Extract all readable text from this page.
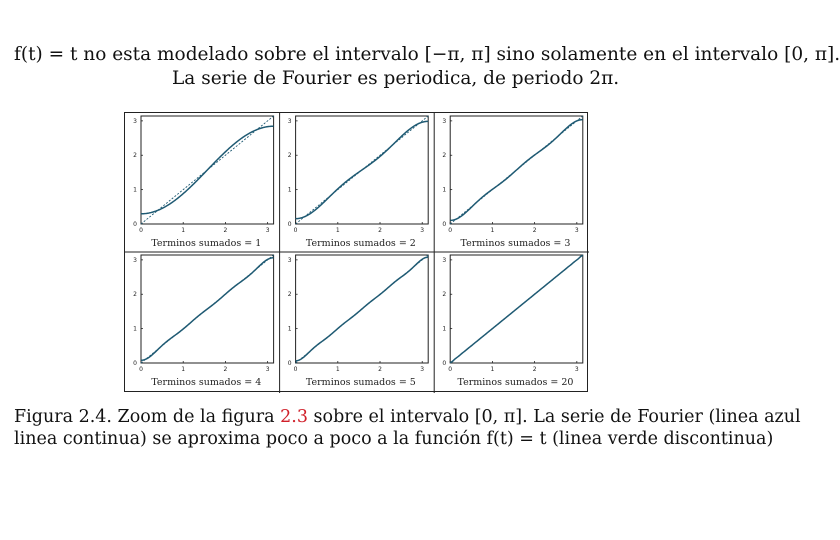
f(t) = t no esta modelado sobre el intervalo [−π, π] sino solamente en el intervalo [0, π].
La serie de Fourier es periodica, de periodo 2π.
0	1	2	3
0
1
2
3
Terminos sumados = 1
0	1	2	3
0
1
2
3
Terminos sumados = 2
0	1	2	3
0
1
2
3
Terminos sumados = 3
0	1	2	3
0
1
2
3
Terminos sumados = 4
0	1	2	3
0
1
2
3
Terminos sumados = 5
0	1	2	3
0
1
2
3
Terminos sumados = 20
Figura 2.4. Zoom de la figura 2.3 sobre el intervalo [0, π]. La serie de Fourier (linea azul
linea continua) se aproxima poco a poco a la función f(t) = t (linea verde discontinua)
